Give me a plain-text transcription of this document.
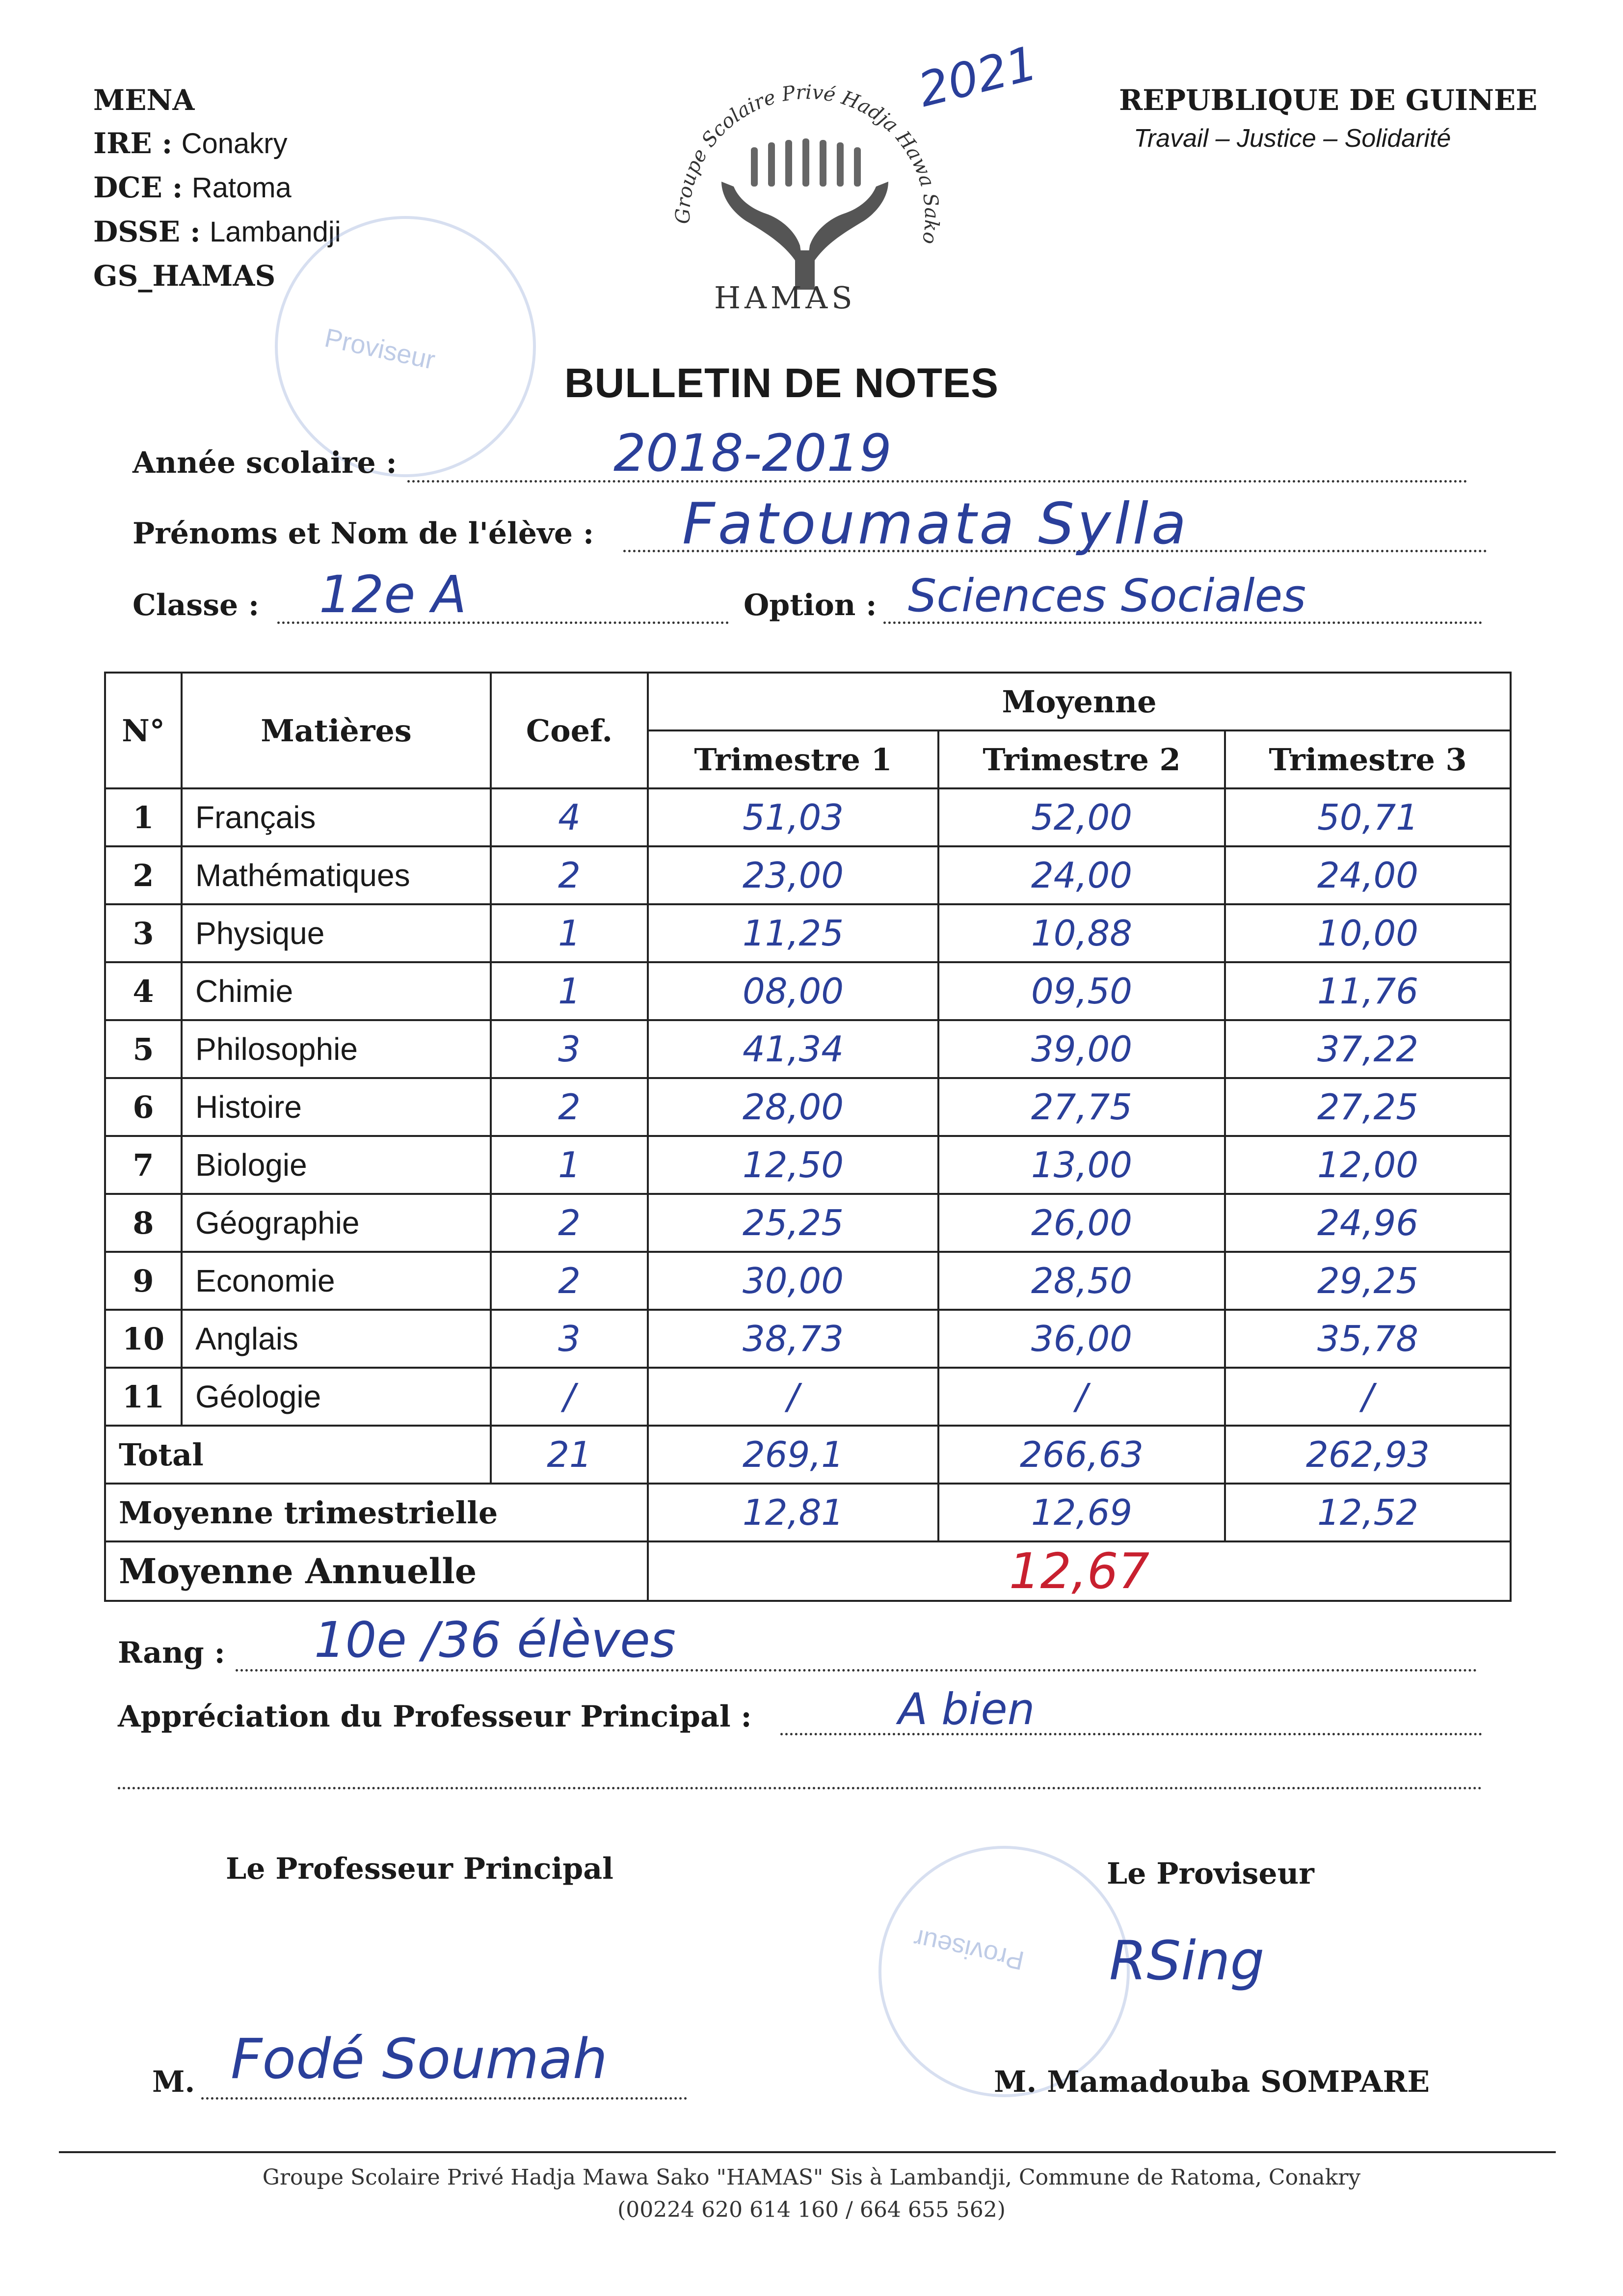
MENA
IRE : Conakry
DCE : Ratoma
DSSE : Lambandji
GS_HAMAS
Proviseur
Groupe Scolaire Privé Hadja Hawa Sako
HAMAS
2021	REPUBLIQUE DE GUINEE
Travail – Justice – Solidarité
BULLETIN DE NOTES
Année scolaire :	2018-2019
Prénoms et Nom de l'élève : Fatoumata Sylla
Classe : 12e A	Option : Sciences Sociales
N°	Matières	Coef.	Moyenne		
			Trimestre 1	Trimestre 2	Trimestre 3
1	Français	4	51,03	52,00	50,71
2	Mathématiques	2	23,00	24,00	24,00
3	Physique	1	11,25	10,88	10,00
4	Chimie	1	08,00	09,50	11,76
5	Philosophie	3	41,34	39,00	37,22
6	Histoire	2	28,00	27,75	27,25
7	Biologie	1	12,50	13,00	12,00
8	Géographie	2	25,25	26,00	24,96
9	Economie	2	30,00	28,50	29,25
10	Anglais	3	38,73	36,00	35,78
11	Géologie	/	/	/	/
Total		21	269,1	266,63	262,93
Moyenne trimestrielle			12,81	12,69	12,52
Moyenne Annuelle			12,67		
Rang : 10e /36 élèves
Appréciation du Professeur Principal :	A bien
Le Professeur Principal	Le Proviseur
Proviseur RSing
M. Fodé Soumah	M. Mamadouba SOMPARE
Groupe Scolaire Privé Hadja Mawa Sako "HAMAS" Sis à Lambandji, Commune de Ratoma, Conakry
(00224 620 614 160 / 664 655 562)
